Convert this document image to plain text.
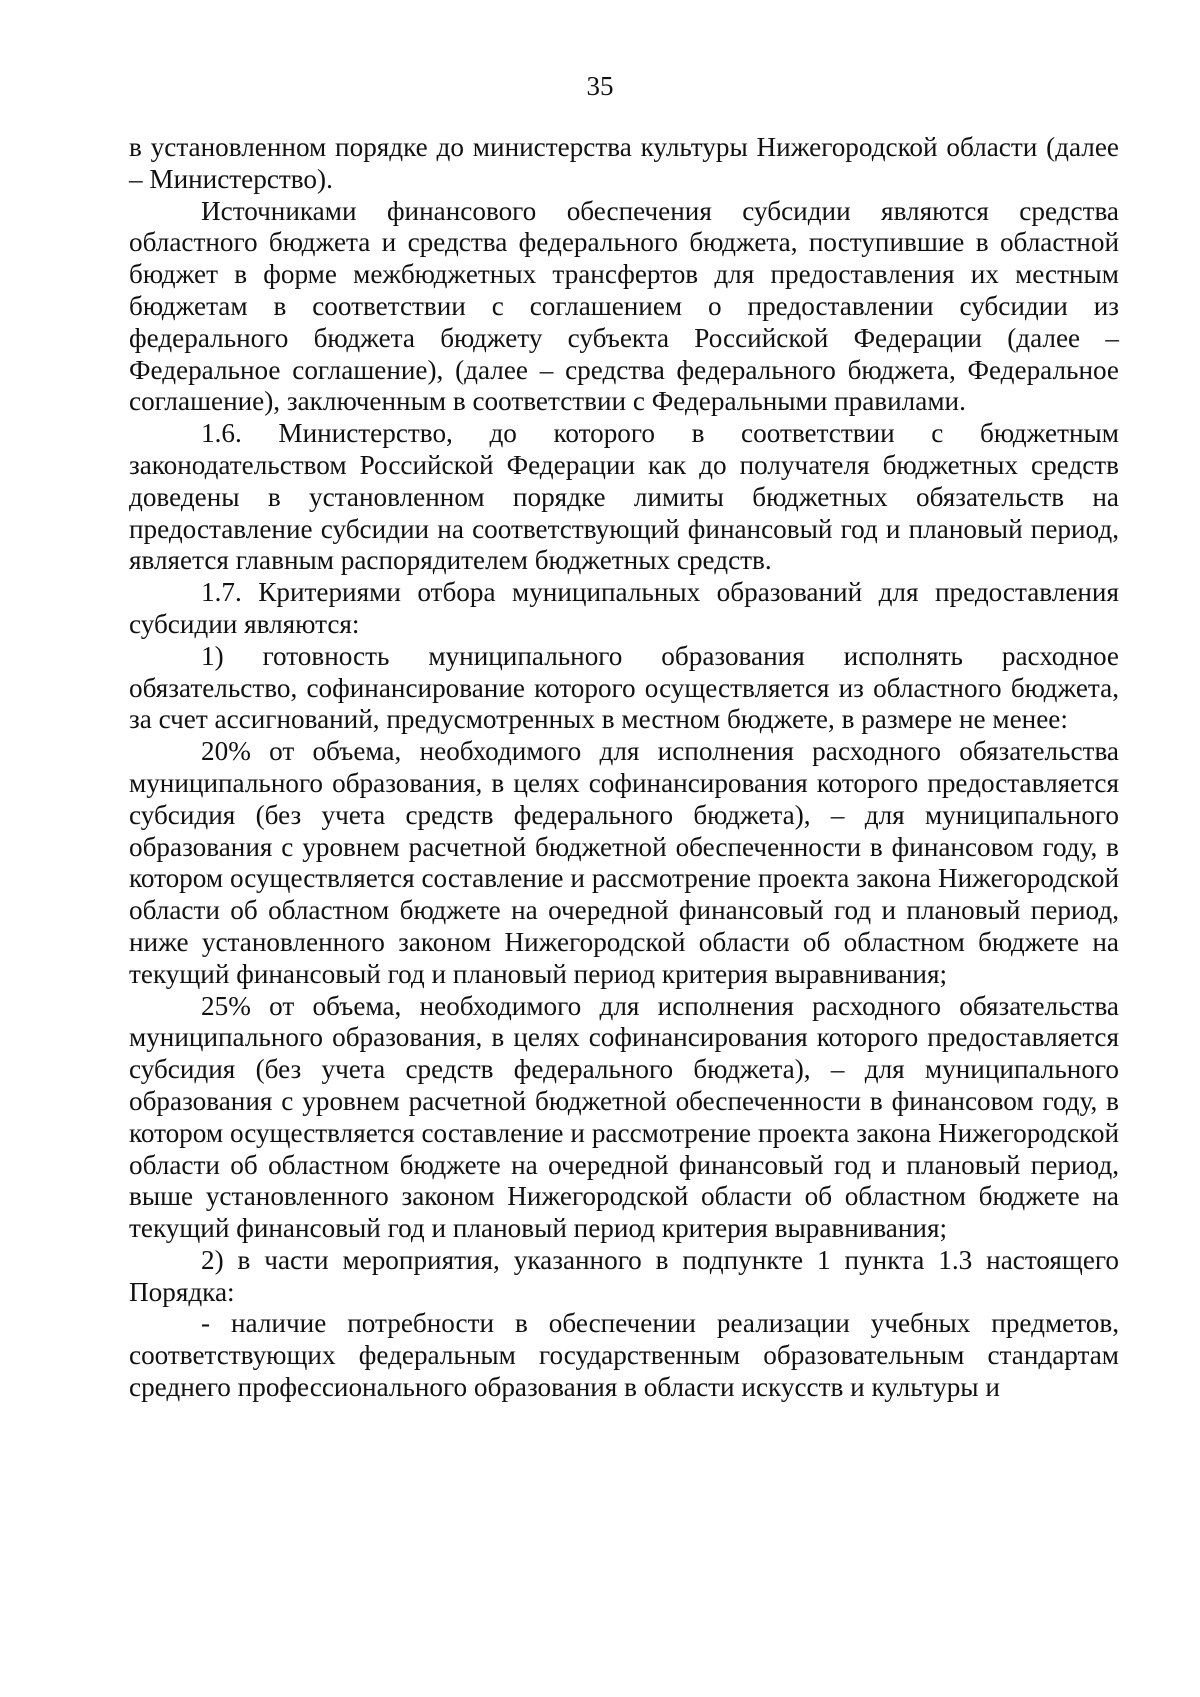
35

в установленном порядке до министерства культуры Нижегородской области (далее – Министерство).

Источниками финансового обеспечения субсидии являются средства областного бюджета и средства федерального бюджета, поступившие в областной бюджет в форме межбюджетных трансфертов для предоставления их местным бюджетам в соответствии с соглашением о предоставлении субсидии из федерального бюджета бюджету субъекта Российской Федерации (далее – Федеральное соглашение), (далее – средства федерального бюджета, Федеральное соглашение), заключенным в соответствии с Федеральными правилами.

1.6. Министерство, до которого в соответствии с бюджетным законодательством Российской Федерации как до получателя бюджетных средств доведены в установленном порядке лимиты бюджетных обязательств на предоставление субсидии на соответствующий финансовый год и плановый период, является главным распорядителем бюджетных средств.

1.7. Критериями отбора муниципальных образований для предоставления субсидии являются:

1) готовность муниципального образования исполнять расходное обязательство, софинансирование которого осуществляется из областного бюджета, за счет ассигнований, предусмотренных в местном бюджете, в размере не менее:

20% от объема, необходимого для исполнения расходного обязательства муниципального образования, в целях софинансирования которого предоставляется субсидия (без учета средств федерального бюджета), – для муниципального образования с уровнем расчетной бюджетной обеспеченности в финансовом году, в котором осуществляется составление и рассмотрение проекта закона Нижегородской области об областном бюджете на очередной финансовый год и плановый период, ниже установленного законом Нижегородской области об областном бюджете на текущий финансовый год и плановый период критерия выравнивания;

25% от объема, необходимого для исполнения расходного обязательства муниципального образования, в целях софинансирования которого предоставляется субсидия (без учета средств федерального бюджета), – для муниципального образования с уровнем расчетной бюджетной обеспеченности в финансовом году, в котором осуществляется составление и рассмотрение проекта закона Нижегородской области об областном бюджете на очередной финансовый год и плановый период, выше установленного законом Нижегородской области об областном бюджете на текущий финансовый год и плановый период критерия выравнивания;

2) в части мероприятия, указанного в подпункте 1 пункта 1.3 настоящего Порядка:

- наличие потребности в обеспечении реализации учебных предметов, соответствующих федеральным государственным образовательным стандартам среднего профессионального образования в области искусств и культуры и
